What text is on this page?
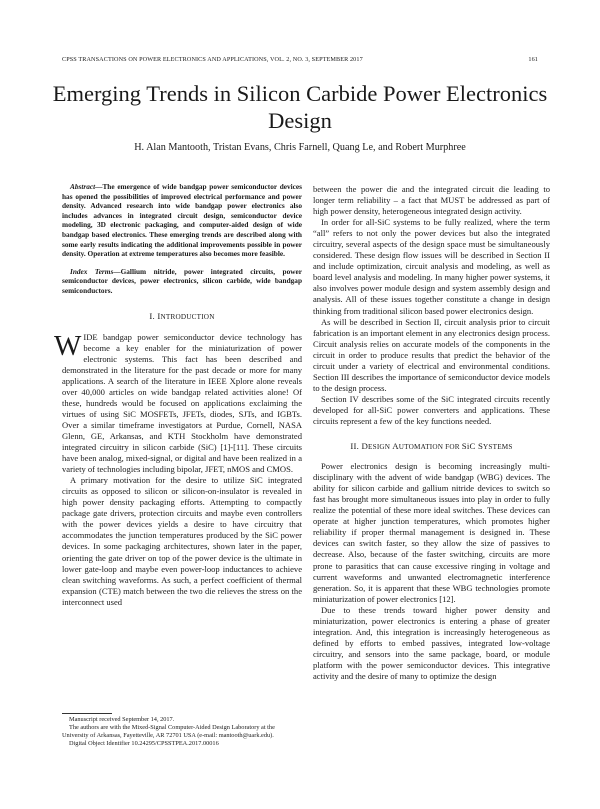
CPSS TRANSACTIONS ON POWER ELECTRONICS AND APPLICATIONS, VOL. 2, NO. 3, SEPTEMBER 2017	161
Emerging Trends in Silicon Carbide Power Electronics Design
H. Alan Mantooth, Tristan Evans, Chris Farnell, Quang Le, and Robert Murphree

Abstract—The emergence of wide bandgap power semiconductor devices has opened the possibilities of improved electrical performance and power density. Advanced research into wide bandgap power electronics also includes advances in integrated circuit design, semiconductor device modeling, 3D electronic packaging, and computer-aided design of wide bandgap based electronics. These emerging trends are described along with some early results indicating the additional improvements possible in power density. Operation at extreme temperatures also becomes more feasible.

Index Terms—Gallium nitride, power integrated circuits, power semiconductor devices, power electronics, silicon carbide, wide bandgap semiconductors.

I. INTRODUCTION

WIDE bandgap power semiconductor device technology has become a key enabler for the miniaturization of power electronic systems. This fact has been described and demonstrated in the literature for the past decade or more for many applications. A search of the literature in IEEE Xplore alone reveals over 40,000 articles on wide bandgap related activities alone! Of these, hundreds would be focused on applications exclaiming the virtues of using SiC MOSFETs, JFETs, diodes, SJTs, and IGBTs. Over a similar timeframe investigators at Purdue, Cornell, NASA Glenn, GE, Arkansas, and KTH Stockholm have demonstrated integrated circuitry in silicon carbide (SiC) [1]-[11]. These circuits have been analog, mixed-signal, or digital and have been realized in a variety of technologies including bipolar, JFET, nMOS and CMOS.

A primary motivation for the desire to utilize SiC integrated circuits as opposed to silicon or silicon-on-insulator is revealed in high power density packaging efforts. Attempting to compactly package gate drivers, protection circuits and maybe even controllers with the power devices yields a desire to have circuitry that accommodates the junction temperatures produced by the SiC power devices. In some packaging architectures, shown later in the paper, orienting the gate driver on top of the power device is the ultimate in lower gate-loop and maybe even power-loop inductances to achieve clean switching waveforms. As such, a perfect coefficient of thermal expansion (CTE) match between the two die relieves the stress on the interconnect used

between the power die and the integrated circuit die leading to longer term reliability – a fact that MUST be addressed as part of high power density, heterogeneous integrated design activity.

In order for all-SiC systems to be fully realized, where the term “all” refers to not only the power devices but also the integrated circuitry, several aspects of the design space must be simultaneously considered. These design flow issues will be described in Section II and include optimization, circuit analysis and modeling, as well as board level analysis and modeling. In many higher power systems, it also involves power module design and system assembly design and analysis. All of these issues together constitute a change in design thinking from traditional silicon based power electronics design.

As will be described in Section II, circuit analysis prior to circuit fabrication is an important element in any electronics design process. Circuit analysis relies on accurate models of the components in the circuit in order to produce results that predict the behavior of the circuit under a variety of electrical and environmental conditions. Section III describes the importance of semiconductor device models to the design process.

Section IV describes some of the SiC integrated circuits recently developed for all-SiC power converters and applications. These circuits represent a few of the key functions needed.

II. DESIGN AUTOMATION FOR SiC SYSTEMS

Power electronics design is becoming increasingly multi-disciplinary with the advent of wide bandgap (WBG) devices. The ability for silicon carbide and gallium nitride devices to switch so fast has brought more simultaneous issues into play in order to fully realize the potential of these more ideal switches. These devices can operate at higher junction temperatures, which promotes higher reliability if proper thermal management is designed in. These devices can switch faster, so they allow the size of passives to decrease. Also, because of the faster switching, circuits are more prone to parasitics that can cause excessive ringing in voltage and current waveforms and unwanted electromagnetic interference generation. So, it is apparent that these WBG technologies promote miniaturization of power electronics [12].

Due to these trends toward higher power density and miniaturization, power electronics is entering a phase of greater integration. And, this integration is increasingly heterogeneous as defined by efforts to embed passives, integrated low-voltage circuitry, and sensors into the same package, board, or module platform with the power semiconductor devices. This integrative activity and the desire of many to optimize the design

Manuscript received September 14, 2017.

The authors are with the Mixed-Signal Computer-Aided Design Laboratory at the University of Arkansas, Fayetteville, AR 72701 USA (e-mail: mantooth@uark.edu).

Digital Object Identifier 10.24295/CPSSTPEA.2017.00016
